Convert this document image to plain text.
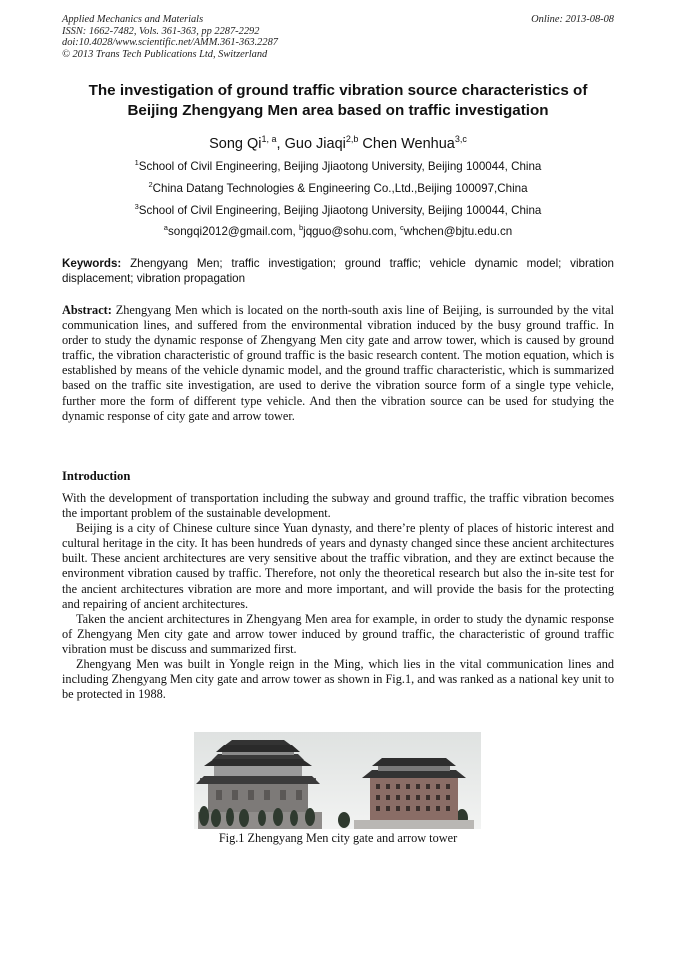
Applied Mechanics and Materials
ISSN: 1662-7482, Vols. 361-363, pp 2287-2292
doi:10.4028/www.scientific.net/AMM.361-363.2287
© 2013 Trans Tech Publications Ltd, Switzerland
Online: 2013-08-08
The investigation of ground traffic vibration source characteristics of Beijing Zhengyang Men area based on traffic investigation
Song Qi$^{1, a}$, Guo Jiaqi$^{2,b}$ Chen Wenhua$^{3,c}$
$^1$School of Civil Engineering, Beijing Jjiaotong University, Beijing 100044, China
$^2$China Datang Technologies & Engineering Co.,Ltd.,Beijing 100097,China
$^3$School of Civil Engineering, Beijing Jjiaotong University, Beijing 100044, China
$^a$songqi2012@gmail.com, $^b$jqguo@sohu.com, $^c$whchen@bjtu.edu.cn
Keywords: Zhengyang Men; traffic investigation; ground traffic; vehicle dynamic model; vibration displacement; vibration propagation
Abstract: Zhengyang Men which is located on the north-south axis line of Beijing, is surrounded by the vital communication lines, and suffered from the environmental vibration induced by the busy ground traffic. In order to study the dynamic response of Zhengyang Men city gate and arrow tower, which is caused by ground traffic, the vibration characteristic of ground traffic is the basic research content. The motion equation, which is established by means of the vehicle dynamic model, and the ground traffic characteristic, which is summarized based on the traffic site investigation, are used to derive the vibration source form of a single type vehicle, further more the form of different type vehicle. And then the vibration source can be used for studying the dynamic response of city gate and arrow tower.
Introduction

With the development of transportation including the subway and ground traffic, the traffic vibration becomes the important problem of the sustainable development.

Beijing is a city of Chinese culture since Yuan dynasty, and there’re plenty of places of historic interest and cultural heritage in the city. It has been hundreds of years and dynasty changed since these ancient architectures built. These ancient architectures are very sensitive about the traffic vibration, and they are extinct because the environment vibration caused by traffic. Therefore, not only the theoretical research but also the in-site test for the ancient architectures vibration are more and more important, and will provide the basis for the protecting and repairing of ancient architectures.

Taken the ancient architectures in Zhengyang Men area for example, in order to study the dynamic response of Zhengyang Men city gate and arrow tower induced by ground traffic, the characteristic of ground traffic vibration must be discuss and summarized first.

Zhengyang Men was built in Yongle reign in the Ming, which lies in the vital communication lines and including Zhengyang Men city gate and arrow tower as shown in Fig.1, and was ranked as a national key unit to be protected in 1988.

Fig.1 Zhengyang Men city gate and arrow tower
